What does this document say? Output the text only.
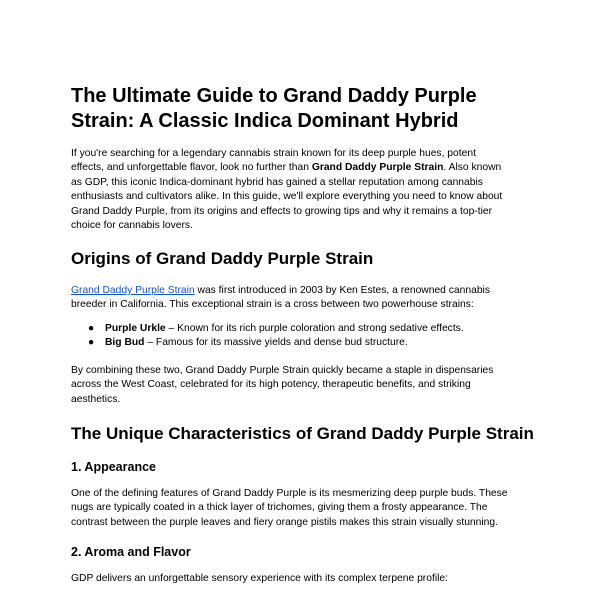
The Ultimate Guide to Grand Daddy Purple Strain: A Classic Indica Dominant Hybrid

If you're searching for a legendary cannabis strain known for its deep purple hues, potent
effects, and unforgettable flavor, look no further than Grand Daddy Purple Strain. Also known
as GDP, this iconic Indica-dominant hybrid has gained a stellar reputation among cannabis
enthusiasts and cultivators alike. In this guide, we'll explore everything you need to know about
Grand Daddy Purple, from its origins and effects to growing tips and why it remains a top-tier
choice for cannabis lovers.

Origins of Grand Daddy Purple Strain

Grand Daddy Purple Strain was first introduced in 2003 by Ken Estes, a renowned cannabis
breeder in California. This exceptional strain is a cross between two powerhouse strains:

● Purple Urkle – Known for its rich purple coloration and strong sedative effects.
● Big Bud – Famous for its massive yields and dense bud structure.

By combining these two, Grand Daddy Purple Strain quickly became a staple in dispensaries
across the West Coast, celebrated for its high potency, therapeutic benefits, and striking
aesthetics.

The Unique Characteristics of Grand Daddy Purple Strain
1. Appearance

One of the defining features of Grand Daddy Purple is its mesmerizing deep purple buds. These
nugs are typically coated in a thick layer of trichomes, giving them a frosty appearance. The
contrast between the purple leaves and fiery orange pistils makes this strain visually stunning.

2. Aroma and Flavor

GDP delivers an unforgettable sensory experience with its complex terpene profile:
